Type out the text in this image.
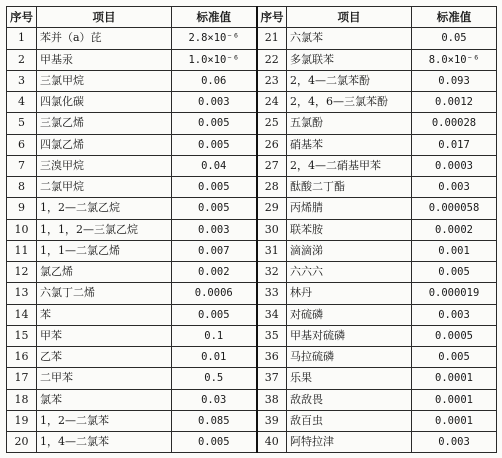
序号	项目	标准值	序号	项目	标准值
1	苯并（a）芘	2.8×10⁻⁶	21	六氯苯	0.05
2	甲基汞	1.0×10⁻⁶	22	多氯联苯	8.0×10⁻⁶
3	三氯甲烷	0.06	23	2，4—二氯苯酚	0.093
4	四氯化碳	0.003	24	2，4，6—三氯苯酚	0.0012
5	三氯乙烯	0.005	25	五氯酚	0.00028
6	四氯乙烯	0.005	26	硝基苯	0.017
7	三溴甲烷	0.04	27	2，4—二硝基甲苯	0.0003
8	二氯甲烷	0.005	28	酞酸二丁酯	0.003
9	1，2—二氯乙烷	0.005	29	丙烯腈	0.000058
10	1，1，2—三氯乙烷	0.003	30	联苯胺	0.0002
11	1，1—二氯乙烯	0.007	31	滴滴涕	0.001
12	氯乙烯	0.002	32	六六六	0.005
13	六氯丁二烯	0.0006	33	林丹	0.000019
14	苯	0.005	34	对硫磷	0.003
15	甲苯	0.1	35	甲基对硫磷	0.0005
16	乙苯	0.01	36	马拉硫磷	0.005
17	二甲苯	0.5	37	乐果	0.0001
18	氯苯	0.03	38	敌敌畏	0.0001
19	1，2—二氯苯	0.085	39	敌百虫	0.0001
20	1，4—二氯苯	0.005	40	阿特拉津	0.003
